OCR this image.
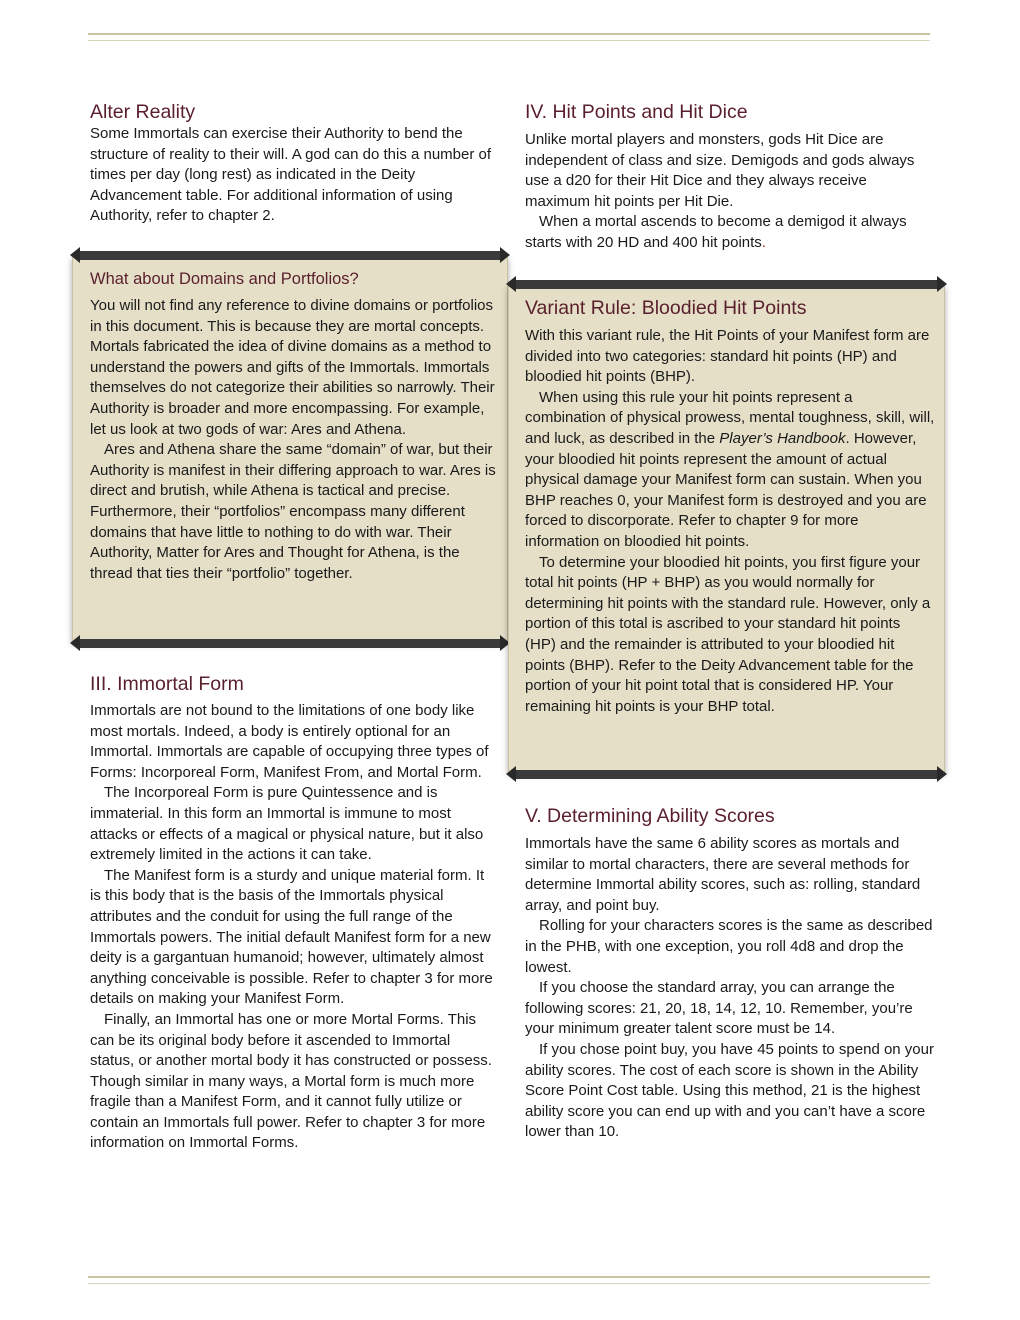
Alter Reality

Some Immortals can exercise their Authority to bend the structure of reality to their will. A god can do this a number of times per day (long rest) as indicated in the Deity Advancement table. For additional information of using Authority, refer to chapter 2.

What about Domains and Portfolios?

You will not find any reference to divine domains or portfolios in this document. This is because they are mortal concepts. Mortals fabricated the idea of divine domains as a method to understand the powers and gifts of the Immortals. Immortals themselves do not categorize their abilities so narrowly. Their Authority is broader and more encompassing. For example, let us look at two gods of war: Ares and Athena.

Ares and Athena share the same “domain” of war, but their Authority is manifest in their differing approach to war. Ares is direct and brutish, while Athena is tactical and precise. Furthermore, their “portfolios” encompass many different domains that have little to nothing to do with war. Their Authority, Matter for Ares and Thought for Athena, is the thread that ties their “portfolio” together.

III. Immortal Form

Immortals are not bound to the limitations of one body like most mortals. Indeed, a body is entirely optional for an Immortal. Immortals are capable of occupying three types of Forms: Incorporeal Form, Manifest From, and Mortal Form.

The Incorporeal Form is pure Quintessence and is immaterial. In this form an Immortal is immune to most attacks or effects of a magical or physical nature, but it also extremely limited in the actions it can take.

The Manifest form is a sturdy and unique material form. It is this body that is the basis of the Immortals physical attributes and the conduit for using the full range of the Immortals powers. The initial default Manifest form for a new deity is a gargantuan humanoid; however, ultimately almost anything conceivable is possible. Refer to chapter 3 for more details on making your Manifest Form.

Finally, an Immortal has one or more Mortal Forms. This can be its original body before it ascended to Immortal status, or another mortal body it has constructed or possess. Though similar in many ways, a Mortal form is much more fragile than a Manifest Form, and it cannot fully utilize or contain an Immortals full power. Refer to chapter 3 for more information on Immortal Forms.

IV. Hit Points and Hit Dice

Unlike mortal players and monsters, gods Hit Dice are independent of class and size. Demigods and gods always use a d20 for their Hit Dice and they always receive maximum hit points per Hit Die.

When a mortal ascends to become a demigod it always starts with 20 HD and 400 hit points.

Variant Rule: Bloodied Hit Points

With this variant rule, the Hit Points of your Manifest form are divided into two categories: standard hit points (HP) and bloodied hit points (BHP).

When using this rule your hit points represent a combination of physical prowess, mental toughness, skill, will, and luck, as described in the Player’s Handbook. However, your bloodied hit points represent the amount of actual physical damage your Manifest form can sustain. When you BHP reaches 0, your Manifest form is destroyed and you are forced to discorporate. Refer to chapter 9 for more information on bloodied hit points.

To determine your bloodied hit points, you first figure your total hit points (HP + BHP) as you would normally for determining hit points with the standard rule. However, only a portion of this total is ascribed to your standard hit points (HP) and the remainder is attributed to your bloodied hit points (BHP). Refer to the Deity Advancement table for the portion of your hit point total that is considered HP. Your remaining hit points is your BHP total.

V. Determining Ability Scores

Immortals have the same 6 ability scores as mortals and similar to mortal characters, there are several methods for determine Immortal ability scores, such as: rolling, standard array, and point buy.

Rolling for your characters scores is the same as described in the PHB, with one exception, you roll 4d8 and drop the lowest.

If you choose the standard array, you can arrange the following scores: 21, 20, 18, 14, 12, 10. Remember, you’re your minimum greater talent score must be 14.

If you chose point buy, you have 45 points to spend on your ability scores. The cost of each score is shown in the Ability Score Point Cost table. Using this method, 21 is the highest ability score you can end up with and you can’t have a score lower than 10.
